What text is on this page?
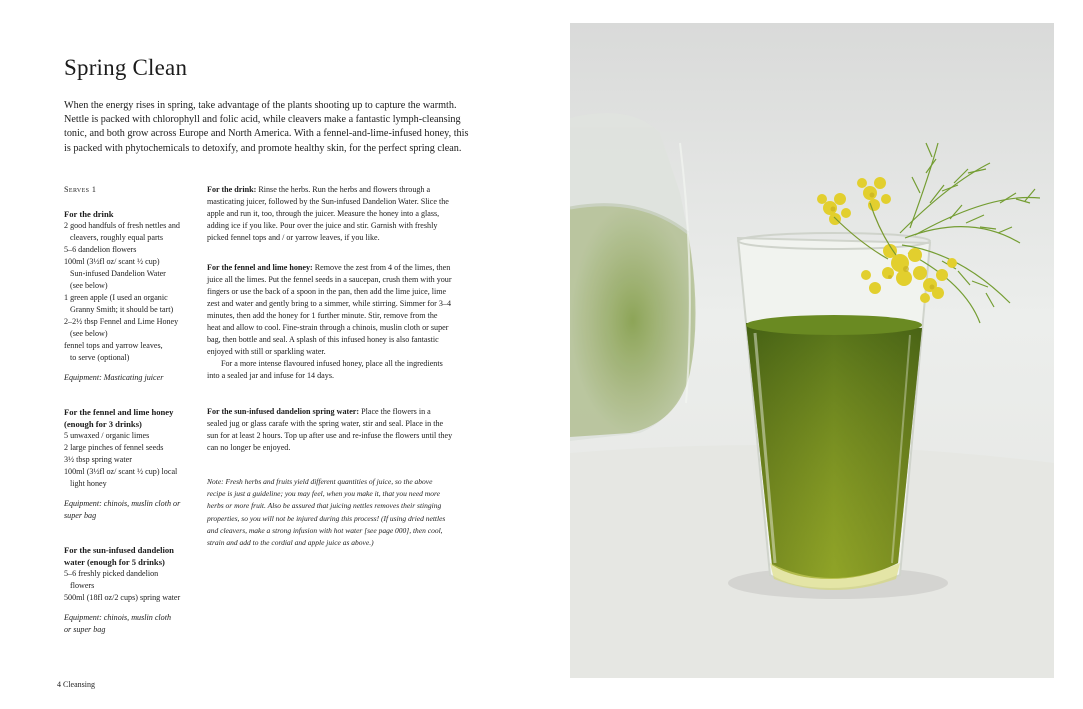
Spring Clean
When the energy rises in spring, take advantage of the plants shooting up to capture the warmth.
Nettle is packed with chlorophyll and folic acid, while cleavers make a fantastic lymph-cleansing
tonic, and both grow across Europe and North America. With a fennel-and-lime-infused honey, this
is packed with phytochemicals to detoxify, and promote healthy skin, for the perfect spring clean.
Serves 1
For the drink
2 good handfuls of fresh nettles and
cleavers, roughly equal parts
5–6 dandelion flowers
100ml (3½fl oz/ scant ½ cup)
Sun-infused Dandelion Water
(see below)
1 green apple (I used an organic
Granny Smith; it should be tart)
2–2½ tbsp Fennel and Lime Honey
(see below)
fennel tops and yarrow leaves,
to serve (optional)
Equipment: Masticating juicer
For the fennel and lime honey
(enough for 3 drinks)
5 unwaxed / organic limes
2 large pinches of fennel seeds
3½ tbsp spring water
100ml (3½fl oz/ scant ½ cup) local
light honey
Equipment: chinois, muslin cloth or
super bag
For the sun-infused dandelion
water (enough for 5 drinks)
5–6 freshly picked dandelion
flowers
500ml (18fl oz/2 cups) spring water
Equipment: chinois, muslin cloth
or super bag
For the drink: Rinse the herbs. Run the herbs and flowers through a
masticating juicer, followed by the Sun-infused Dandelion Water. Slice the
apple and run it, too, through the juicer. Measure the honey into a glass,
adding ice if you like. Pour over the juice and stir. Garnish with freshly
picked fennel tops and / or yarrow leaves, if you like.
For the fennel and lime honey: Remove the zest from 4 of the limes, then
juice all the limes. Put the fennel seeds in a saucepan, crush them with your
fingers or use the back of a spoon in the pan, then add the lime juice, lime
zest and water and gently bring to a simmer, while stirring. Simmer for 3–4
minutes, then add the honey for 1 further minute. Stir, remove from the
heat and allow to cool. Fine-strain through a chinois, muslin cloth or super
bag, then bottle and seal. A splash of this infused honey is also fantastic
enjoyed with still or sparkling water.
For a more intense flavoured infused honey, place all the ingredients
into a sealed jar and infuse for 14 days.
For the sun-infused dandelion spring water: Place the flowers in a
sealed jug or glass carafe with the spring water, stir and seal. Place in the
sun for at least 2 hours. Top up after use and re-infuse the flowers until they
can no longer be enjoyed.
Note: Fresh herbs and fruits yield different quantities of juice, so the above
recipe is just a guideline; you may feel, when you make it, that you need more
herbs or more fruit. Also be assured that juicing nettles removes their stinging
properties, so you will not be injured during this process! (If using dried nettles
and cleavers, make a strong infusion with hot water [see page 000], then cool,
strain and add to the cordial and apple juice as above.)
4 Cleansing
